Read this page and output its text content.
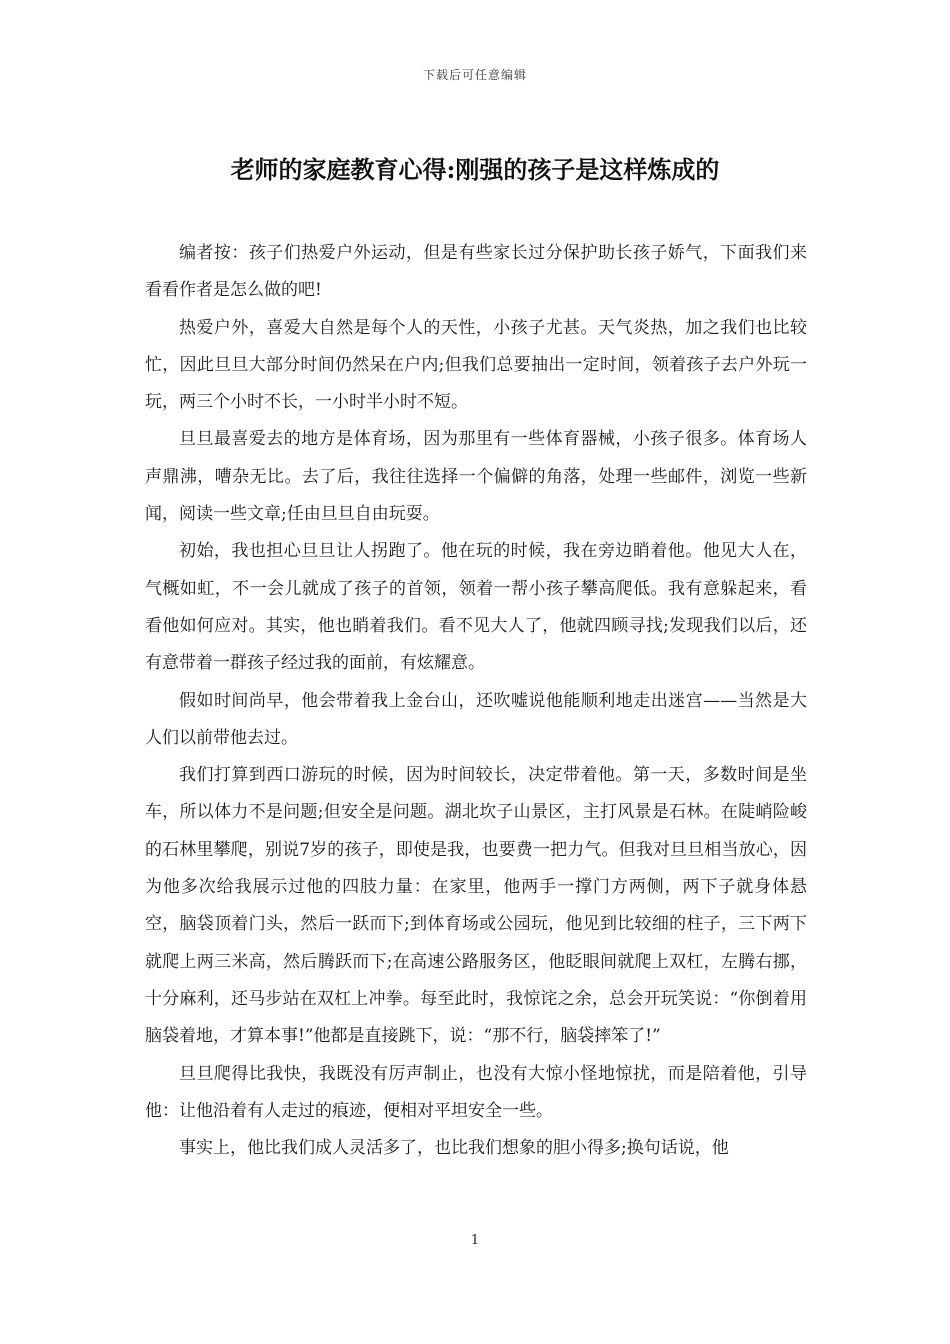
下载后可任意编辑
老师的家庭教育心得:刚强的孩子是这样炼成的

编者按：孩子们热爱户外运动，但是有些家长过分保护助长孩子娇气，下面我们来看看作者是怎么做的吧!

热爱户外，喜爱大自然是每个人的天性，小孩子尤甚。天气炎热，加之我们也比较忙，因此旦旦大部分时间仍然呆在户内;但我们总要抽出一定时间，领着孩子去户外玩一玩，两三个小时不长，一小时半小时不短。

旦旦最喜爱去的地方是体育场，因为那里有一些体育器械，小孩子很多。体育场人声鼎沸，嘈杂无比。去了后，我往往选择一个偏僻的角落，处理一些邮件，浏览一些新闻，阅读一些文章;任由旦旦自由玩耍。

初始，我也担心旦旦让人拐跑了。他在玩的时候，我在旁边睄着他。他见大人在，气概如虹，不一会儿就成了孩子的首领，领着一帮小孩子攀高爬低。我有意躲起来，看看他如何应对。其实，他也睄着我们。看不见大人了，他就四顾寻找;发现我们以后，还有意带着一群孩子经过我的面前，有炫耀意。

假如时间尚早，他会带着我上金台山，还吹嘘说他能顺利地走出迷宫——当然是大人们以前带他去过。

我们打算到西口游玩的时候，因为时间较长，决定带着他。第一天，多数时间是坐车，所以体力不是问题;但安全是问题。湖北坎子山景区，主打风景是石林。在陡峭险峻的石林里攀爬，别说7岁的孩子，即使是我，也要费一把力气。但我对旦旦相当放心，因为他多次给我展示过他的四肢力量：在家里，他两手一撑门方两侧，两下子就身体悬空，脑袋顶着门头，然后一跃而下;到体育场或公园玩，他见到比较细的柱子，三下两下就爬上两三米高，然后腾跃而下;在高速公路服务区，他眨眼间就爬上双杠，左腾右挪，十分麻利，还马步站在双杠上冲拳。每至此时，我惊诧之余，总会开玩笑说：“你倒着用脑袋着地，才算本事!”他都是直接跳下，说：“那不行，脑袋摔笨了!”

旦旦爬得比我快，我既没有厉声制止，也没有大惊小怪地惊扰，而是陪着他，引导他：让他沿着有人走过的痕迹，便相对平坦安全一些。

事实上，他比我们成人灵活多了，也比我们想象的胆小得多;换句话说，他

1
